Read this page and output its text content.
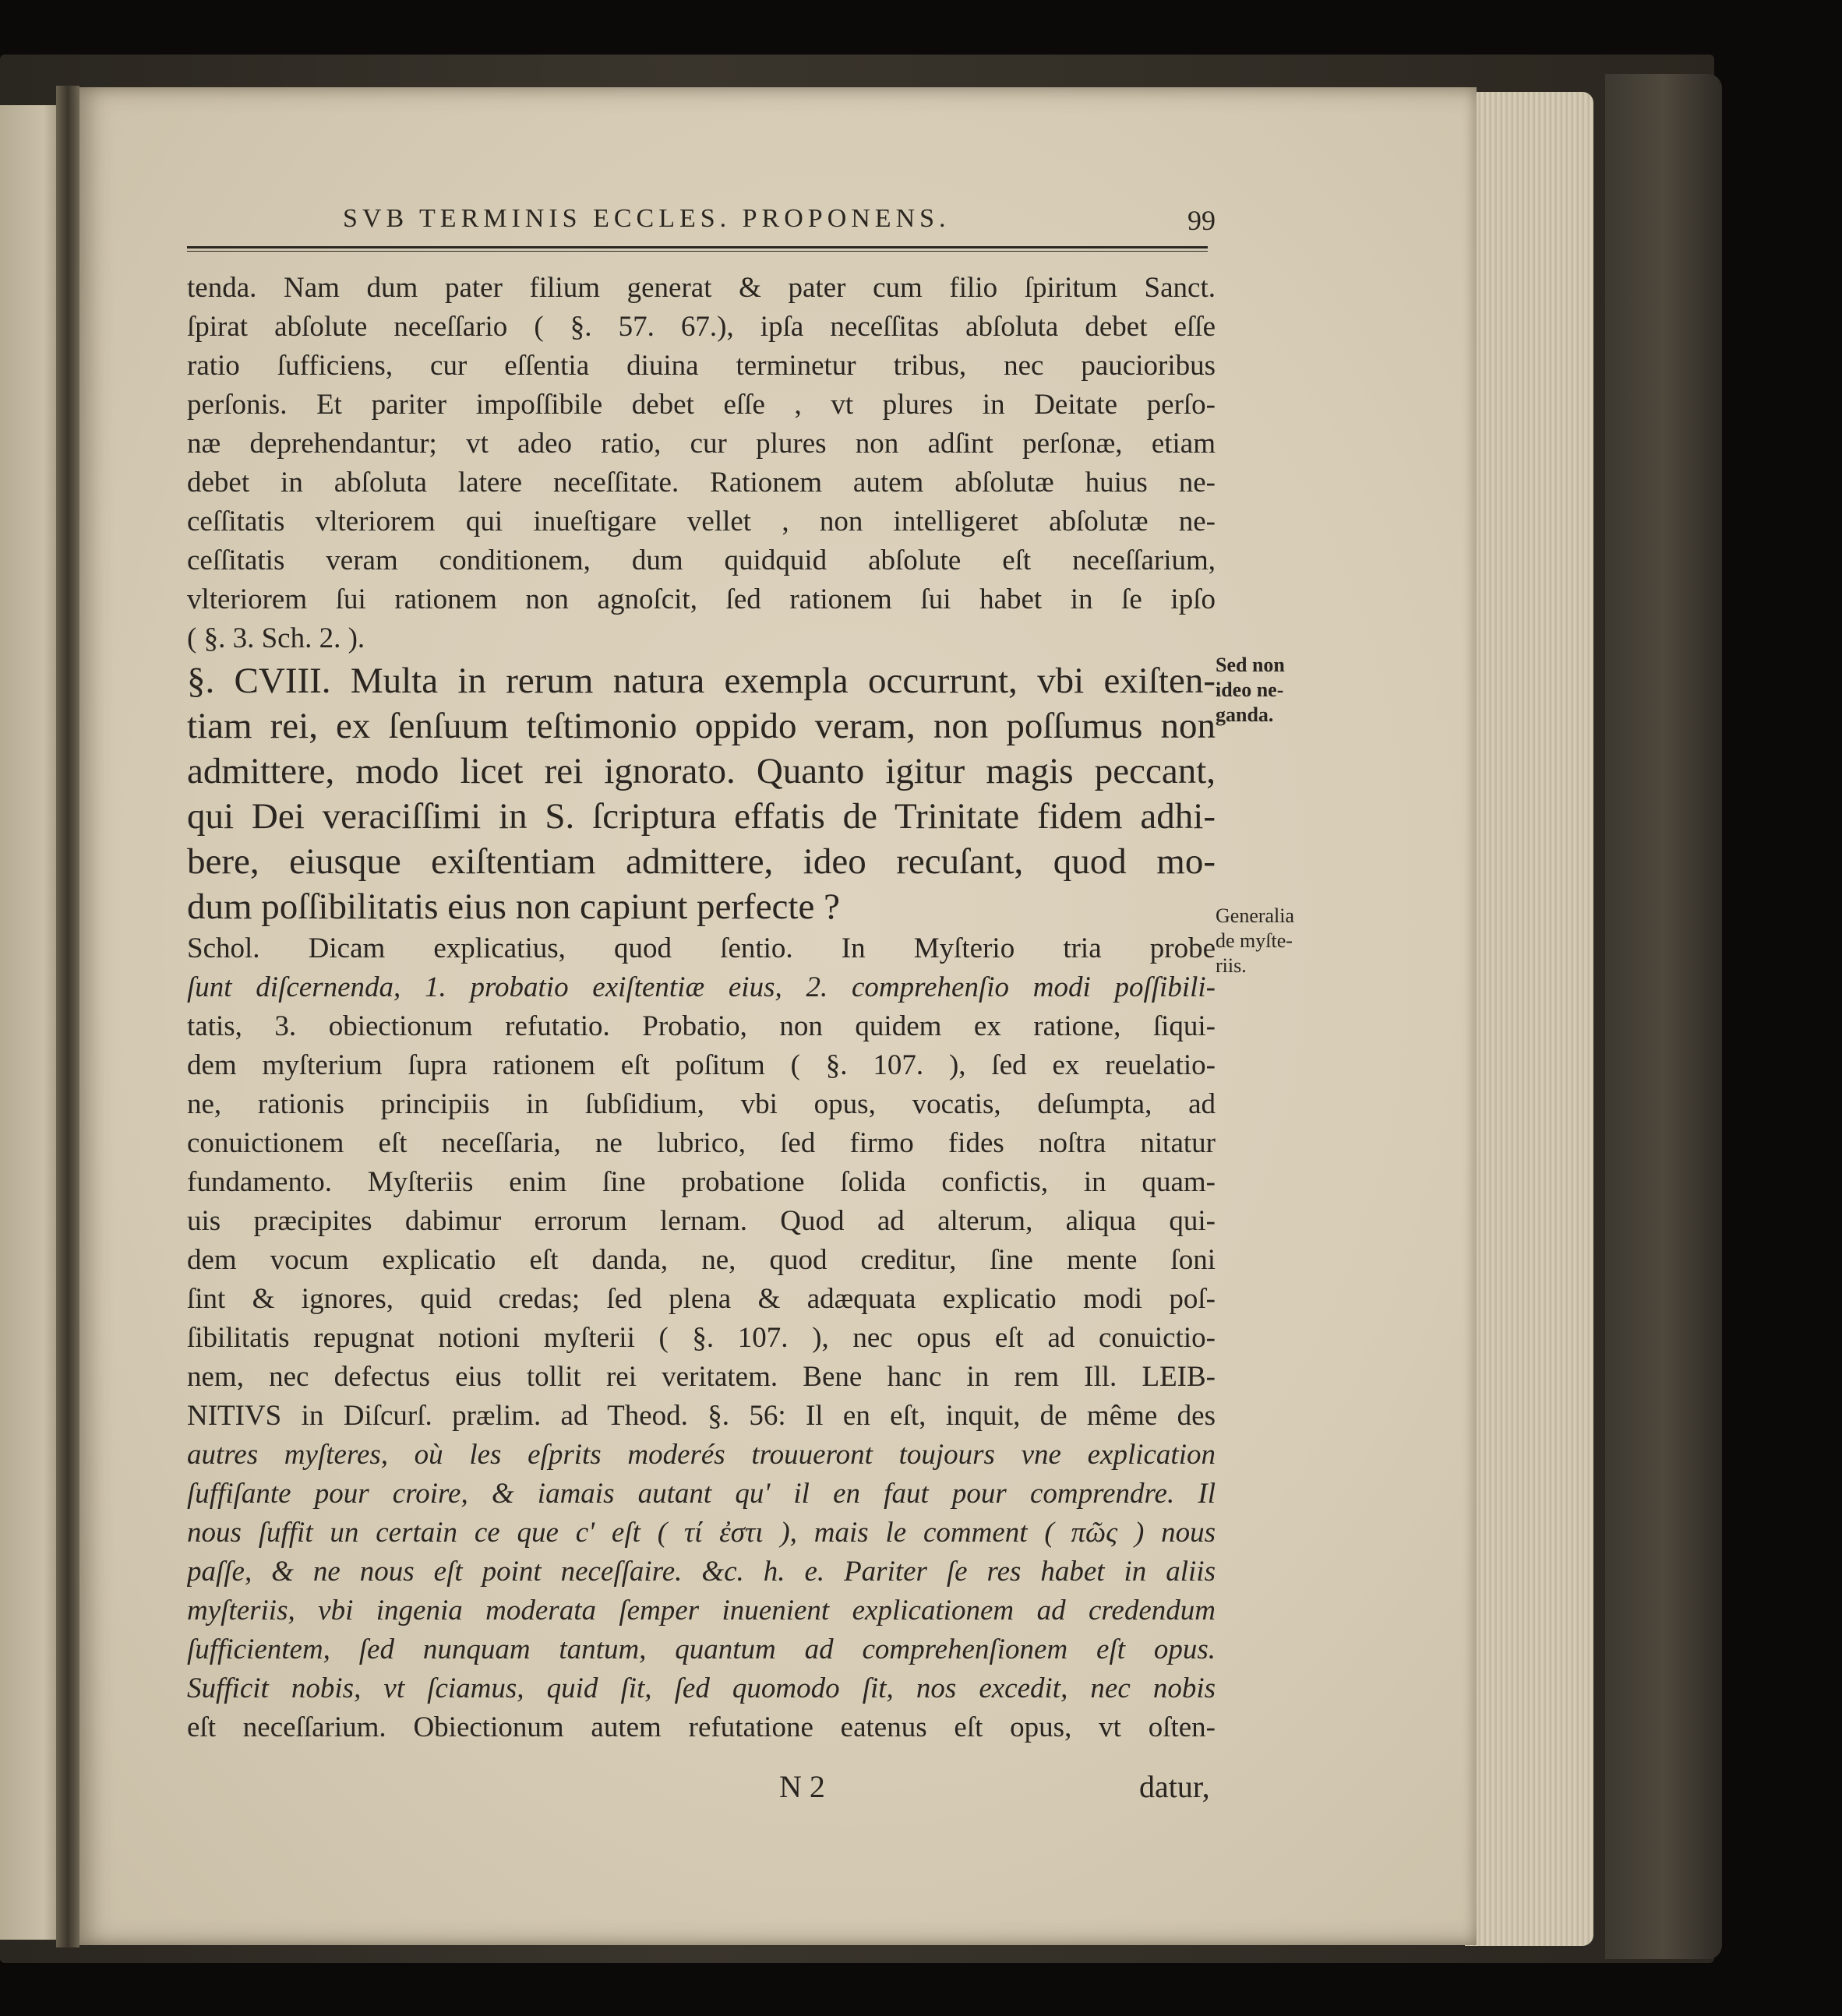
SVB TERMINIS ECCLES. PROPONENS.	99
tenda. Nam dum pater filium generat & pater cum filio ſpiritum Sanct.
ſpirat abſolute neceſſario ( §. 57. 67.), ipſa neceſſitas abſoluta debet eſſe
ratio ſufficiens, cur eſſentia diuina terminetur tribus, nec paucioribus
perſonis. Et pariter impoſſibile debet eſſe , vt plures in Deitate perſo-
næ deprehendantur; vt adeo ratio, cur plures non adſint perſonæ, etiam
debet in abſoluta latere neceſſitate. Rationem autem abſolutæ huius ne-
ceſſitatis vlteriorem qui inueſtigare vellet , non intelligeret abſolutæ ne-
ceſſitatis veram conditionem, dum quidquid abſolute eſt neceſſarium,
vlteriorem ſui rationem non agnoſcit, ſed rationem ſui habet in ſe ipſo
( §. 3. Sch. 2. ).
§. CVIII. Multa in rerum natura exempla occurrunt, vbi exiſten-
tiam rei, ex ſenſuum teſtimonio oppido veram, non poſſumus non
admittere, modo licet rei ignorato. Quanto igitur magis peccant,
qui Dei veraciſſimi in S. ſcriptura effatis de Trinitate fidem adhi-
bere, eiusque exiſtentiam admittere, ideo recuſant, quod mo-
dum poſſibilitatis eius non capiunt perfecte ?
Schol. Dicam explicatius, quod ſentio. In Myſterio tria probe
ſunt diſcernenda, 1. probatio exiſtentiæ eius, 2. comprehenſio modi poſſibili-
tatis, 3. obiectionum refutatio. Probatio, non quidem ex ratione, ſiqui-
dem myſterium ſupra rationem eſt poſitum ( §. 107. ), ſed ex reuelatio-
ne, rationis principiis in ſubſidium, vbi opus, vocatis, deſumpta, ad
conuictionem eſt neceſſaria, ne lubrico, ſed firmo fides noſtra nitatur
fundamento. Myſteriis enim ſine probatione ſolida confictis, in quam-
uis præcipites dabimur errorum lernam. Quod ad alterum, aliqua qui-
dem vocum explicatio eſt danda, ne, quod creditur, ſine mente ſoni
ſint & ignores, quid credas; ſed plena & adæquata explicatio modi poſ-
ſibilitatis repugnat notioni myſterii ( §. 107. ), nec opus eſt ad conuictio-
nem, nec defectus eius tollit rei veritatem. Bene hanc in rem Ill. LEIB-
NITIVS in Diſcurſ. prælim. ad Theod. §. 56: Il en eſt, inquit, de même des
autres myſteres, où les eſprits moderés trouueront toujours vne explication
ſuffiſante pour croire, & iamais autant qu' il en faut pour comprendre. Il
nous ſuffit un certain ce que c' eſt ( τί ἐστι ), mais le comment ( πῶς ) nous
paſſe, & ne nous eſt point neceſſaire. &c. h. e. Pariter ſe res habet in aliis
myſteriis, vbi ingenia moderata ſemper inuenient explicationem ad credendum
ſufficientem, ſed nunquam tantum, quantum ad comprehenſionem eſt opus.
Sufficit nobis, vt ſciamus, quid ſit, ſed quomodo ſit, nos excedit, nec nobis
eſt neceſſarium. Obiectionum autem refutatione eatenus eſt opus, vt oſten-
Sed non
ideo ne-
ganda.
Generalia
de myſte-
riis.
N 2	datur,
